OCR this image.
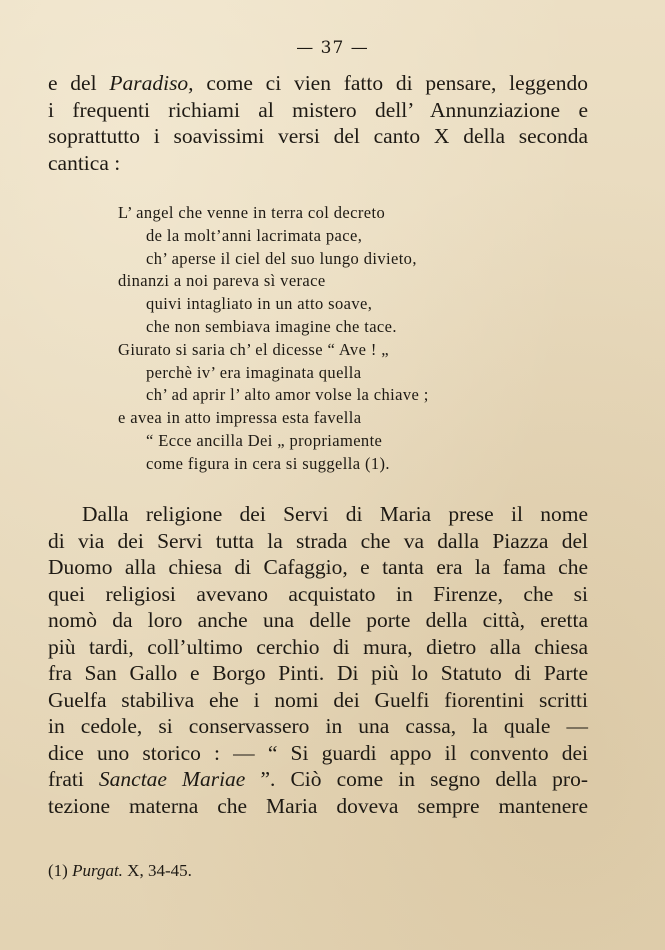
— 37 —
e del Paradiso, come ci vien fatto di pensare, leggendo
i frequenti richiami al mistero dell’ Annunziazione e
soprattutto i soavissimi versi del canto X della seconda
cantica :
L’ angel che venne in terra col decreto
de la molt’anni lacrimata pace,
ch’ aperse il ciel del suo lungo divieto,
dinanzi a noi pareva sì verace
quivi intagliato in un atto soave,
che non sembiava imagine che tace.
Giurato si saria ch’ el dicesse “ Ave ! „
perchè iv’ era imaginata quella
ch’ ad aprir l’ alto amor volse la chiave ;
e avea in atto impressa esta favella
“ Ecce ancilla Dei „ propriamente
come figura in cera si suggella (1).
Dalla religione dei Servi di Maria prese il nome
di via dei Servi tutta la strada che va dalla Piazza del
Duomo alla chiesa di Cafaggio, e tanta era la fama che
quei religiosi avevano acquistato in Firenze, che si
nomò da loro anche una delle porte della città, eretta
più tardi, coll’ultimo cerchio di mura, dietro alla chiesa
fra San Gallo e Borgo Pinti. Di più lo Statuto di Parte
Guelfa stabiliva ehe i nomi dei Guelfi fiorentini scritti
in cedole, si conservassero in una cassa, la quale —
dice uno storico : — “ Si guardi appo il convento dei
frati Sanctae Mariae ”. Ciò come in segno della pro-
tezione materna che Maria doveva sempre mantenere
(1) Purgat. X, 34-45.
